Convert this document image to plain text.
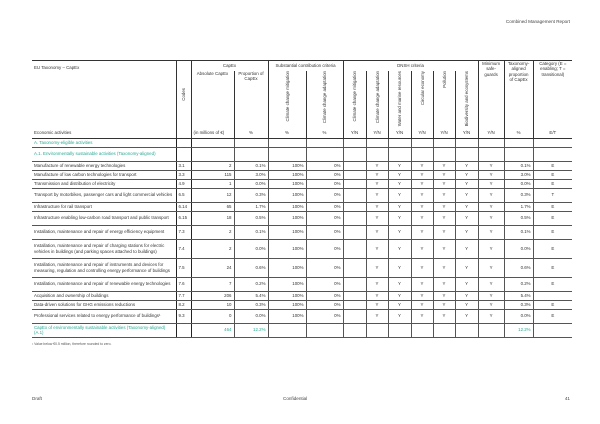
Combined Management Report
EU Taxonomy – CapEx	Codes	CapEx		Substantial contribution criteria		DNSH criteria						Minimum safe-guards	Taxonomy-aligned proportion of CapEx	Category (E = enabling; T = transitional)
		Absolute CapEx	Proportion of CapEx	Climate change mitigation	Climate change adaptation	Climate change mitigation	Climate change adaptation	Water and marine resources	Circular economy	Pollution	Biodiversity and ecosystems			
Economic activities		(in millions of €)	%	%	%	Y/N	Y/N	Y/N	Y/N	Y/N	Y/N	Y/N	%	E/T
A. Taxonomy-eligible activities														
A.1. Environmentally sustainable activities (Taxonomy-aligned)														
Manufacture of renewable energy technologies	3.1	2	0.1%	100%	0%		Y	Y	Y	Y	Y	Y	0.1%	E
Manufacture of low carbon technologies for transport	3.3	115	3.0%	100%	0%		Y	Y	Y	Y	Y	Y	3.0%	E
Transmission and distribution of electricity	4.9	1	0.0%	100%	0%		Y	Y	Y	Y	Y	Y	0.0%	E
Transport by motorbikes, passenger cars and light commercial vehicles	6.5	12	0.3%	100%	0%		Y	Y	Y	Y	Y	Y	0.3%	T
Infrastructure for rail transport	6.14	65	1.7%	100%	0%		Y	Y	Y	Y	Y	Y	1.7%	E
Infrastructure enabling low-carbon road transport and public transport	6.15	18	0.5%	100%	0%		Y	Y	Y	Y	Y	Y	0.5%	E
Installation, maintenance and repair of energy efficiency equipment	7.3	2	0.1%	100%	0%		Y	Y	Y	Y	Y	Y	0.1%	E
Installation, maintenance and repair of charging stations for electric vehicles in buildings (and parking spaces attached to buildings)	7.4	2	0.0%	100%	0%		Y	Y	Y	Y	Y	Y	0.0%	E
Installation, maintenance and repair of instruments and devices for measuring, regulation and controlling energy performance of buildings	7.5	24	0.6%	100%	0%		Y	Y	Y	Y	Y	Y	0.6%	E
Installation, maintenance and repair of renewable energy technologies	7.6	7	0.2%	100%	0%		Y	Y	Y	Y	Y	Y	0.2%	E
Acquisition and ownership of buildings	7.7	206	5.4%	100%	0%		Y	Y	Y	Y	Y	Y	5.4%	
Data-driven solutions for GHG emissions reductions	8.2	10	0.3%	100%	0%		Y	Y	Y	Y	Y	Y	0.3%	E
Professional services related to energy performance of buildings¹	9.3	0	0.0%	100%	0%		Y	Y	Y	Y	Y	Y	0.0%	E
CapEx of environmentally sustainable activities (Taxonomy-aligned) (A.1)		464	12.2%										12.2%	
¹ Value below €0.5 million, therefore rounded to zero.
Draft	Confidential	41
